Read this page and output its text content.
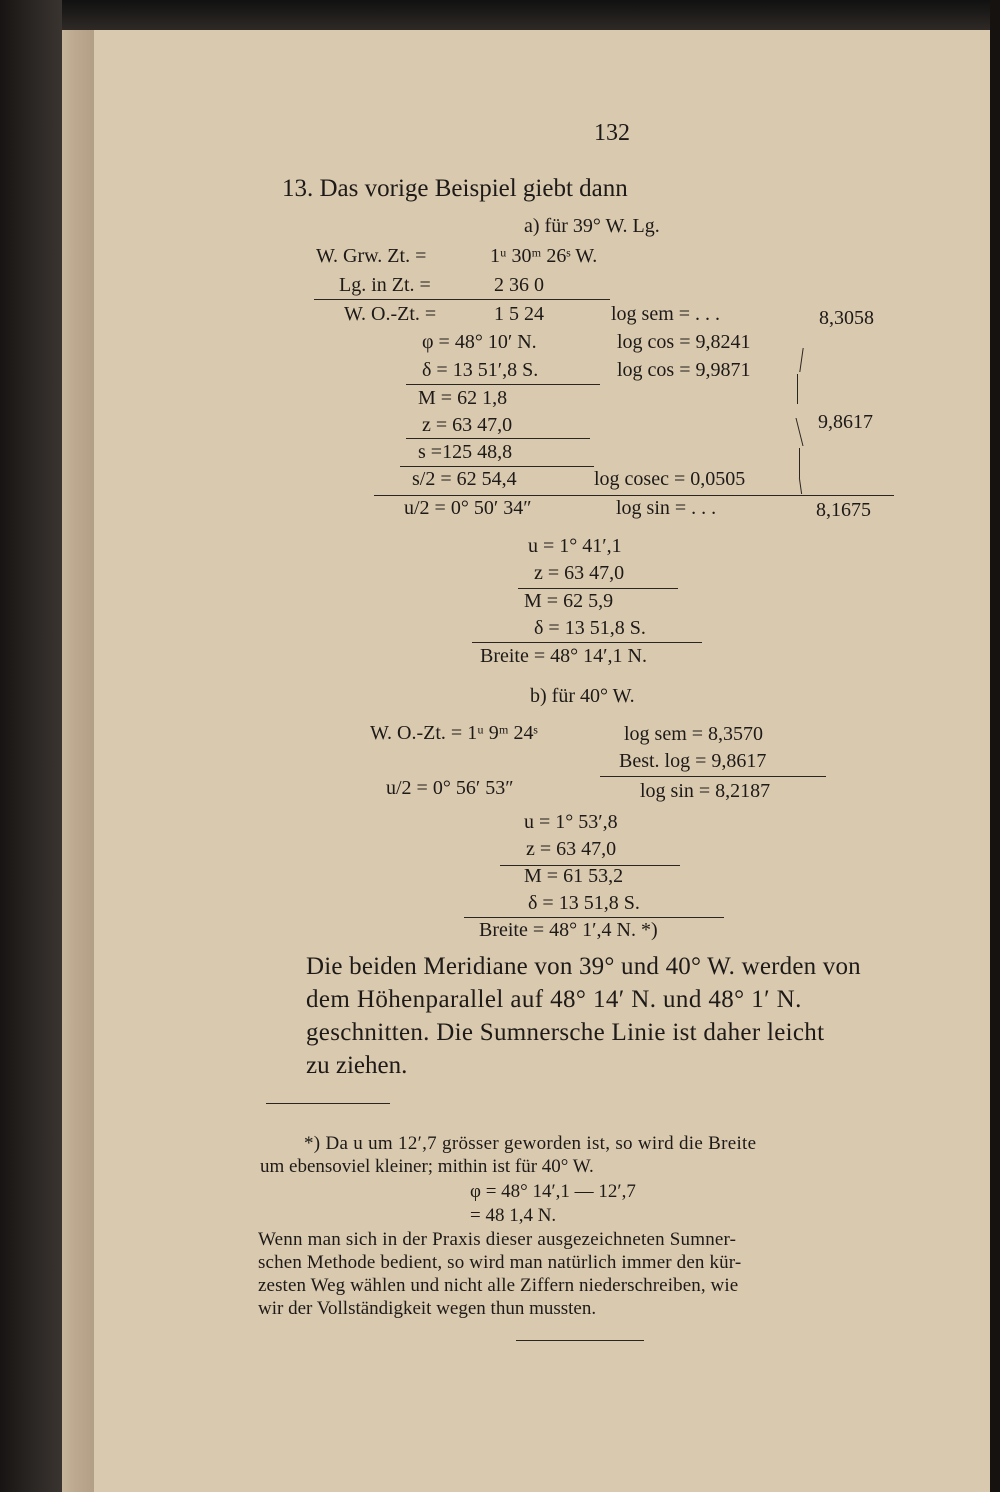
132
13. Das vorige Beispiel giebt dann
a) für 39° W. Lg.
W. Grw. Zt. =	1ᵘ 30ᵐ 26ˢ W.
Lg. in Zt. =	2 36 0
W. O.-Zt. =	1 5 24	log sem = . . .	8,3058
φ = 48° 10′ N.	log cos = 9,8241
δ = 13 51′,8 S.	log cos = 9,9871
M = 62 1,8
z = 63 47,0	9,8617
s =125 48,8
s/2 = 62 54,4	log cosec = 0,0505
u/2 = 0° 50′ 34″	log sin = . . .	8,1675
u = 1° 41′,1
z = 63 47,0
M = 62 5,9
δ = 13 51,8 S.
Breite = 48° 14′,1 N.
b) für 40° W.
W. O.-Zt. = 1ᵘ 9ᵐ 24ˢ	log sem = 8,3570
Best. log = 9,8617
u/2 = 0° 56′ 53″	log sin = 8,2187
u = 1° 53′,8
z = 63 47,0
M = 61 53,2
δ = 13 51,8 S.
Breite = 48° 1′,4 N. *)
Die beiden Meridiane von 39° und 40° W. werden von
dem Höhenparallel auf 48° 14′ N. und 48° 1′ N.
geschnitten. Die Sumnersche Linie ist daher leicht
zu ziehen.
*) Da u um 12′,7 grösser geworden ist, so wird die Breite
um ebensoviel kleiner; mithin ist für 40° W.
φ = 48° 14′,1 — 12′,7
= 48 1,4 N.
Wenn man sich in der Praxis dieser ausgezeichneten Sumner-
schen Methode bedient, so wird man natürlich immer den kür-
zesten Weg wählen und nicht alle Ziffern niederschreiben, wie
wir der Vollständigkeit wegen thun mussten.
